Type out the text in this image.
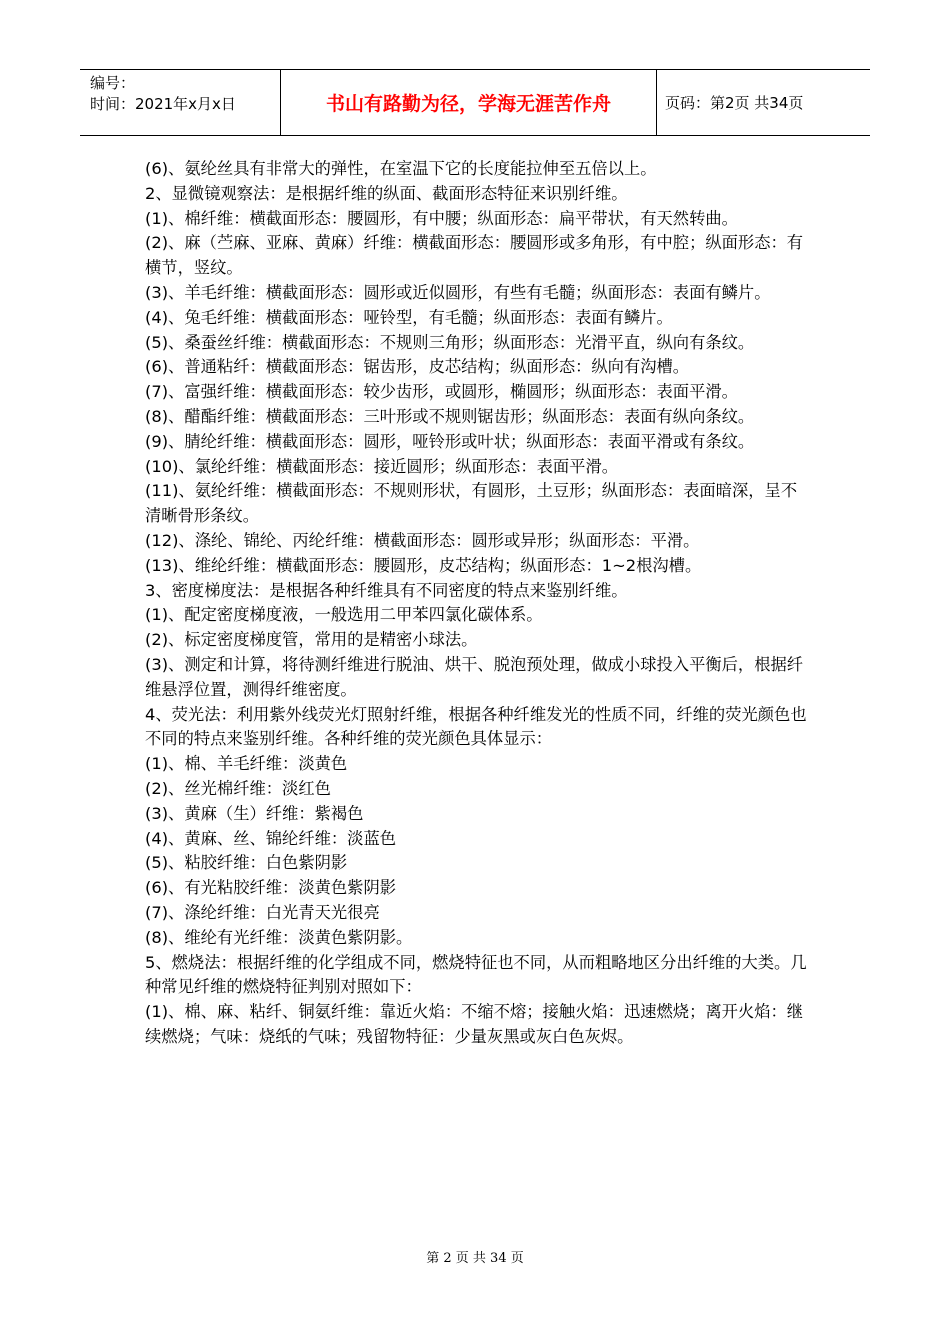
编号：
时间：2021年x月x日	书山有路勤为径，学海无涯苦作舟	页码：第2页 共34页

(6)、氨纶丝具有非常大的弹性，在室温下它的长度能拉伸至五倍以上。

2、显微镜观察法：是根据纤维的纵面、截面形态特征来识别纤维。

(1)、棉纤维：横截面形态：腰圆形，有中腰；纵面形态：扁平带状，有天然转曲。

(2)、麻（苎麻、亚麻、黄麻）纤维：横截面形态：腰圆形或多角形，有中腔；纵面形态：有横节，竖纹。

(3)、羊毛纤维：横截面形态：圆形或近似圆形，有些有毛髓；纵面形态：表面有鳞片。

(4)、兔毛纤维：横截面形态：哑铃型，有毛髓；纵面形态：表面有鳞片。

(5)、桑蚕丝纤维：横截面形态：不规则三角形；纵面形态：光滑平直，纵向有条纹。

(6)、普通粘纤：横截面形态：锯齿形，皮芯结构；纵面形态：纵向有沟槽。

(7)、富强纤维：横截面形态：较少齿形，或圆形，椭圆形；纵面形态：表面平滑。

(8)、醋酯纤维：横截面形态：三叶形或不规则锯齿形；纵面形态：表面有纵向条纹。

(9)、腈纶纤维：横截面形态：圆形，哑铃形或叶状；纵面形态：表面平滑或有条纹。

(10)、氯纶纤维：横截面形态：接近圆形；纵面形态：表面平滑。

(11)、氨纶纤维：横截面形态：不规则形状，有圆形，土豆形；纵面形态：表面暗深，呈不清晰骨形条纹。

(12)、涤纶、锦纶、丙纶纤维：横截面形态：圆形或异形；纵面形态：平滑。

(13)、维纶纤维：横截面形态：腰圆形，皮芯结构；纵面形态：1~2根沟槽。

3、密度梯度法：是根据各种纤维具有不同密度的特点来鉴别纤维。

(1)、配定密度梯度液，一般选用二甲苯四氯化碳体系。

(2)、标定密度梯度管，常用的是精密小球法。

(3)、测定和计算，将待测纤维进行脱油、烘干、脱泡预处理，做成小球投入平衡后，根据纤维悬浮位置，测得纤维密度。

4、荧光法：利用紫外线荧光灯照射纤维，根据各种纤维发光的性质不同，纤维的荧光颜色也不同的特点来鉴别纤维。各种纤维的荧光颜色具体显示：

(1)、棉、羊毛纤维：淡黄色

(2)、丝光棉纤维：淡红色

(3)、黄麻（生）纤维：紫褐色

(4)、黄麻、丝、锦纶纤维：淡蓝色

(5)、粘胶纤维：白色紫阴影

(6)、有光粘胶纤维：淡黄色紫阴影

(7)、涤纶纤维：白光青天光很亮

(8)、维纶有光纤维：淡黄色紫阴影。

5、燃烧法：根据纤维的化学组成不同，燃烧特征也不同，从而粗略地区分出纤维的大类。几种常见纤维的燃烧特征判别对照如下：

(1)、棉、麻、粘纤、铜氨纤维：靠近火焰：不缩不熔；接触火焰：迅速燃烧；离开火焰：继续燃烧；气味：烧纸的气味；残留物特征：少量灰黑或灰白色灰烬。

第 2 页 共 34 页
